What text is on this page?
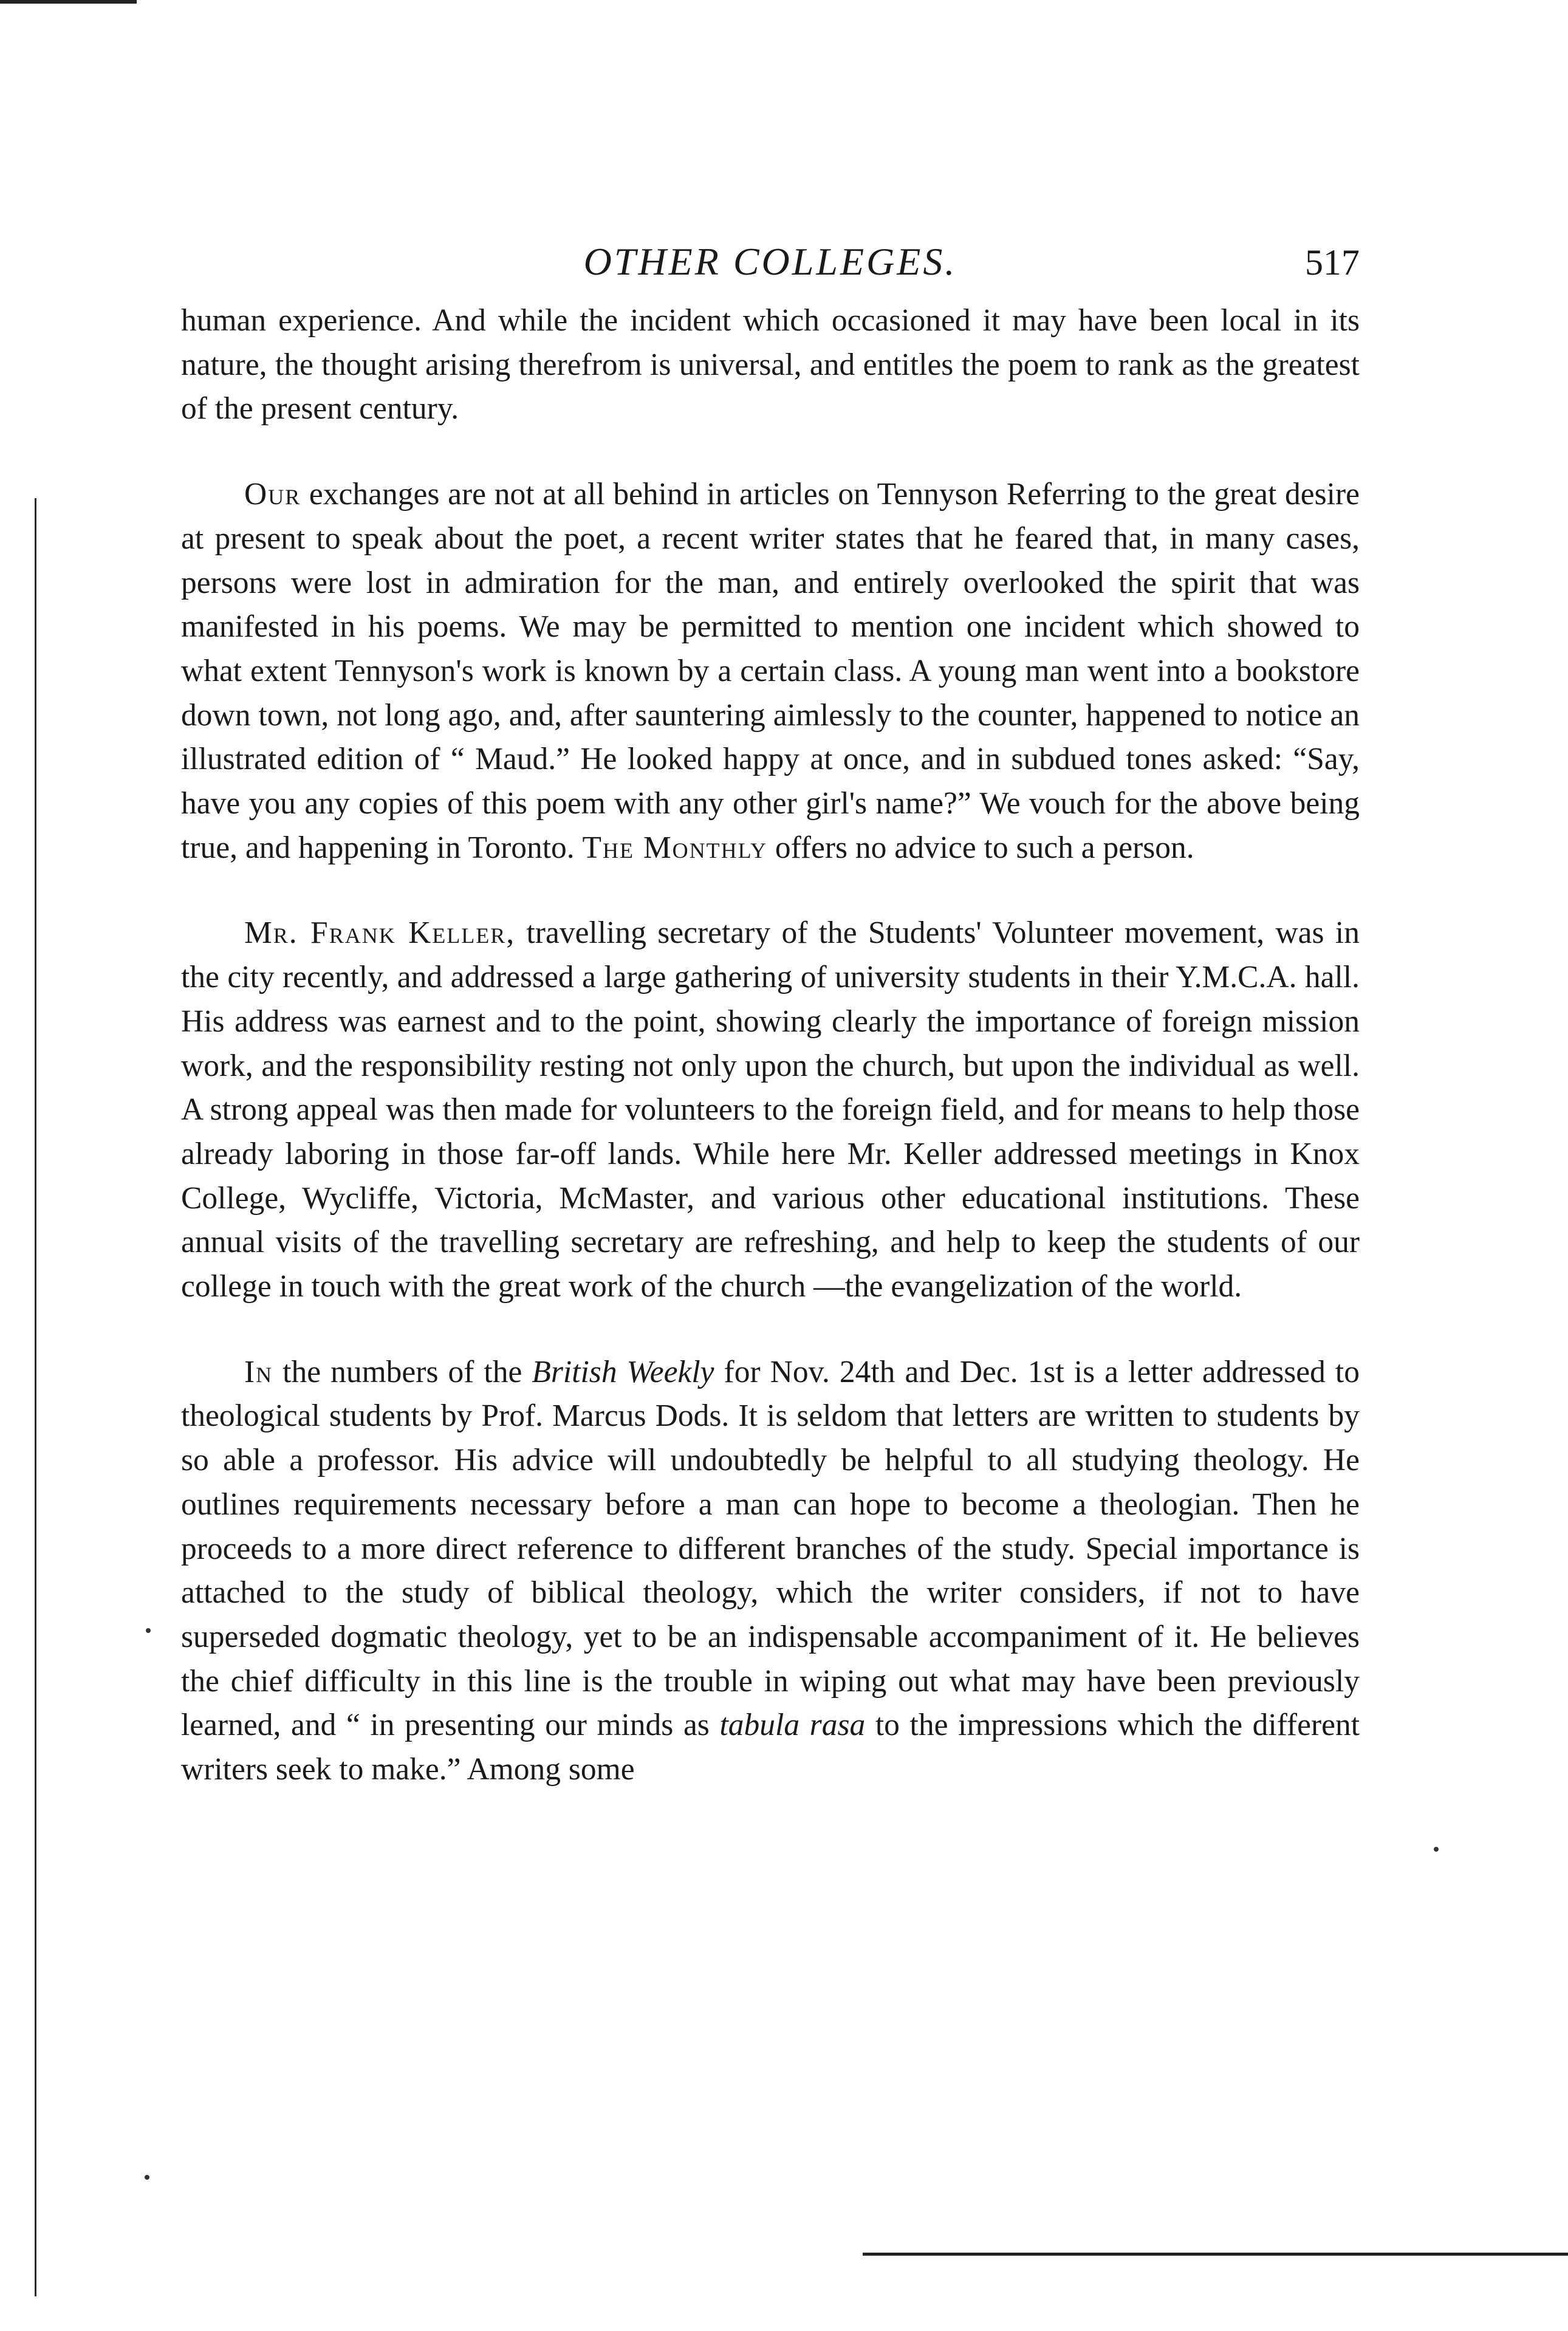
OTHER COLLEGES.	517

human experience. And while the incident which occasioned it may have been local in its nature, the thought arising therefrom is universal, and entitles the poem to rank as the greatest of the present century.

Our exchanges are not at all behind in articles on Tennyson Referring to the great desire at present to speak about the poet, a recent writer states that he feared that, in many cases, persons were lost in admiration for the man, and entirely overlooked the spirit that was manifested in his poems. We may be permitted to mention one incident which showed to what extent Tennyson's work is known by a certain class. A young man went into a bookstore down town, not long ago, and, after sauntering aimlessly to the counter, happened to notice an illustrated edition of “ Maud.” He looked happy at once, and in subdued tones asked: “Say, have you any copies of this poem with any other girl's name?” We vouch for the above being true, and happening in Toronto. The Monthly offers no advice to such a person.

Mr. Frank Keller, travelling secretary of the Students' Volunteer movement, was in the city recently, and addressed a large gathering of university students in their Y.M.C.A. hall. His address was earnest and to the point, showing clearly the importance of foreign mission work, and the responsibility resting not only upon the church, but upon the individual as well. A strong appeal was then made for volunteers to the foreign field, and for means to help those already laboring in those far-off lands. While here Mr. Keller addressed meetings in Knox College, Wycliffe, Victoria, McMaster, and various other educational institutions. These annual visits of the travelling secretary are refreshing, and help to keep the students of our college in touch with the great work of the church —the evangelization of the world.

In the numbers of the British Weekly for Nov. 24th and Dec. 1st is a letter addressed to theological students by Prof. Marcus Dods. It is seldom that letters are written to students by so able a professor. His advice will undoubtedly be helpful to all studying theology. He outlines requirements necessary before a man can hope to become a theologian. Then he proceeds to a more direct reference to different branches of the study. Special importance is attached to the study of biblical theology, which the writer considers, if not to have superseded dogmatic theology, yet to be an indispensable accompaniment of it. He believes the chief difficulty in this line is the trouble in wiping out what may have been previously learned, and “ in presenting our minds as tabula rasa to the impressions which the different writers seek to make.” Among some
